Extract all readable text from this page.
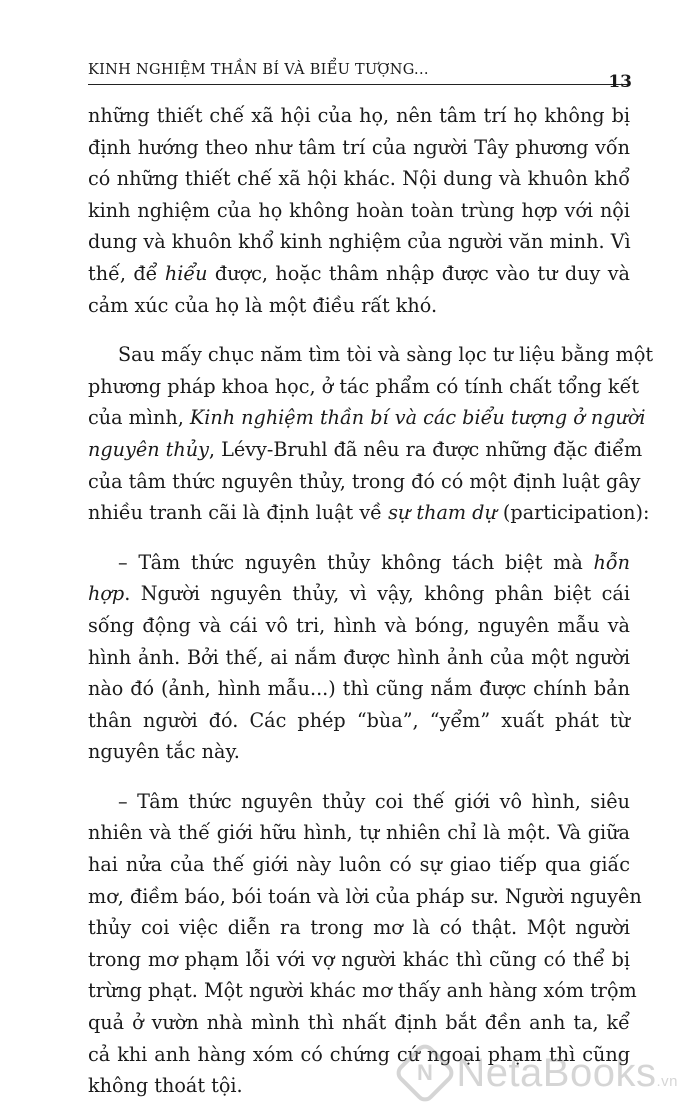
KINH NGHIỆM THẦN BÍ VÀ BIỂU TƯỢNG...
13
những thiết chế xã hội của họ, nên tâm trí họ không bị
định hướng theo như tâm trí của người Tây phương vốn
có những thiết chế xã hội khác. Nội dung và khuôn khổ
kinh nghiệm của họ không hoàn toàn trùng hợp với nội
dung và khuôn khổ kinh nghiệm của người văn minh. Vì
thế, để hiểu được, hoặc thâm nhập được vào tư duy và
cảm xúc của họ là một điều rất khó.
Sau mấy chục năm tìm tòi và sàng lọc tư liệu bằng một
phương pháp khoa học, ở tác phẩm có tính chất tổng kết
của mình, Kinh nghiệm thần bí và các biểu tượng ở người
nguyên thủy, Lévy-Bruhl đã nêu ra được những đặc điểm
của tâm thức nguyên thủy, trong đó có một định luật gây
nhiều tranh cãi là định luật về sự tham dự (participation):
– Tâm thức nguyên thủy không tách biệt mà hỗn
hợp. Người nguyên thủy, vì vậy, không phân biệt cái
sống động và cái vô tri, hình và bóng, nguyên mẫu và
hình ảnh. Bởi thế, ai nắm được hình ảnh của một người
nào đó (ảnh, hình mẫu...) thì cũng nắm được chính bản
thân người đó. Các phép “bùa”, “yểm” xuất phát từ
nguyên tắc này.
– Tâm thức nguyên thủy coi thế giới vô hình, siêu
nhiên và thế giới hữu hình, tự nhiên chỉ là một. Và giữa
hai nửa của thế giới này luôn có sự giao tiếp qua giấc
mơ, điềm báo, bói toán và lời của pháp sư. Người nguyên
thủy coi việc diễn ra trong mơ là có thật. Một người
trong mơ phạm lỗi với vợ người khác thì cũng có thể bị
trừng phạt. Một người khác mơ thấy anh hàng xóm trộm
quả ở vườn nhà mình thì nhất định bắt đền anh ta, kể
cả khi anh hàng xóm có chứng cứ ngoại phạm thì cũng
không thoát tội.
N NetaBooks.vn
